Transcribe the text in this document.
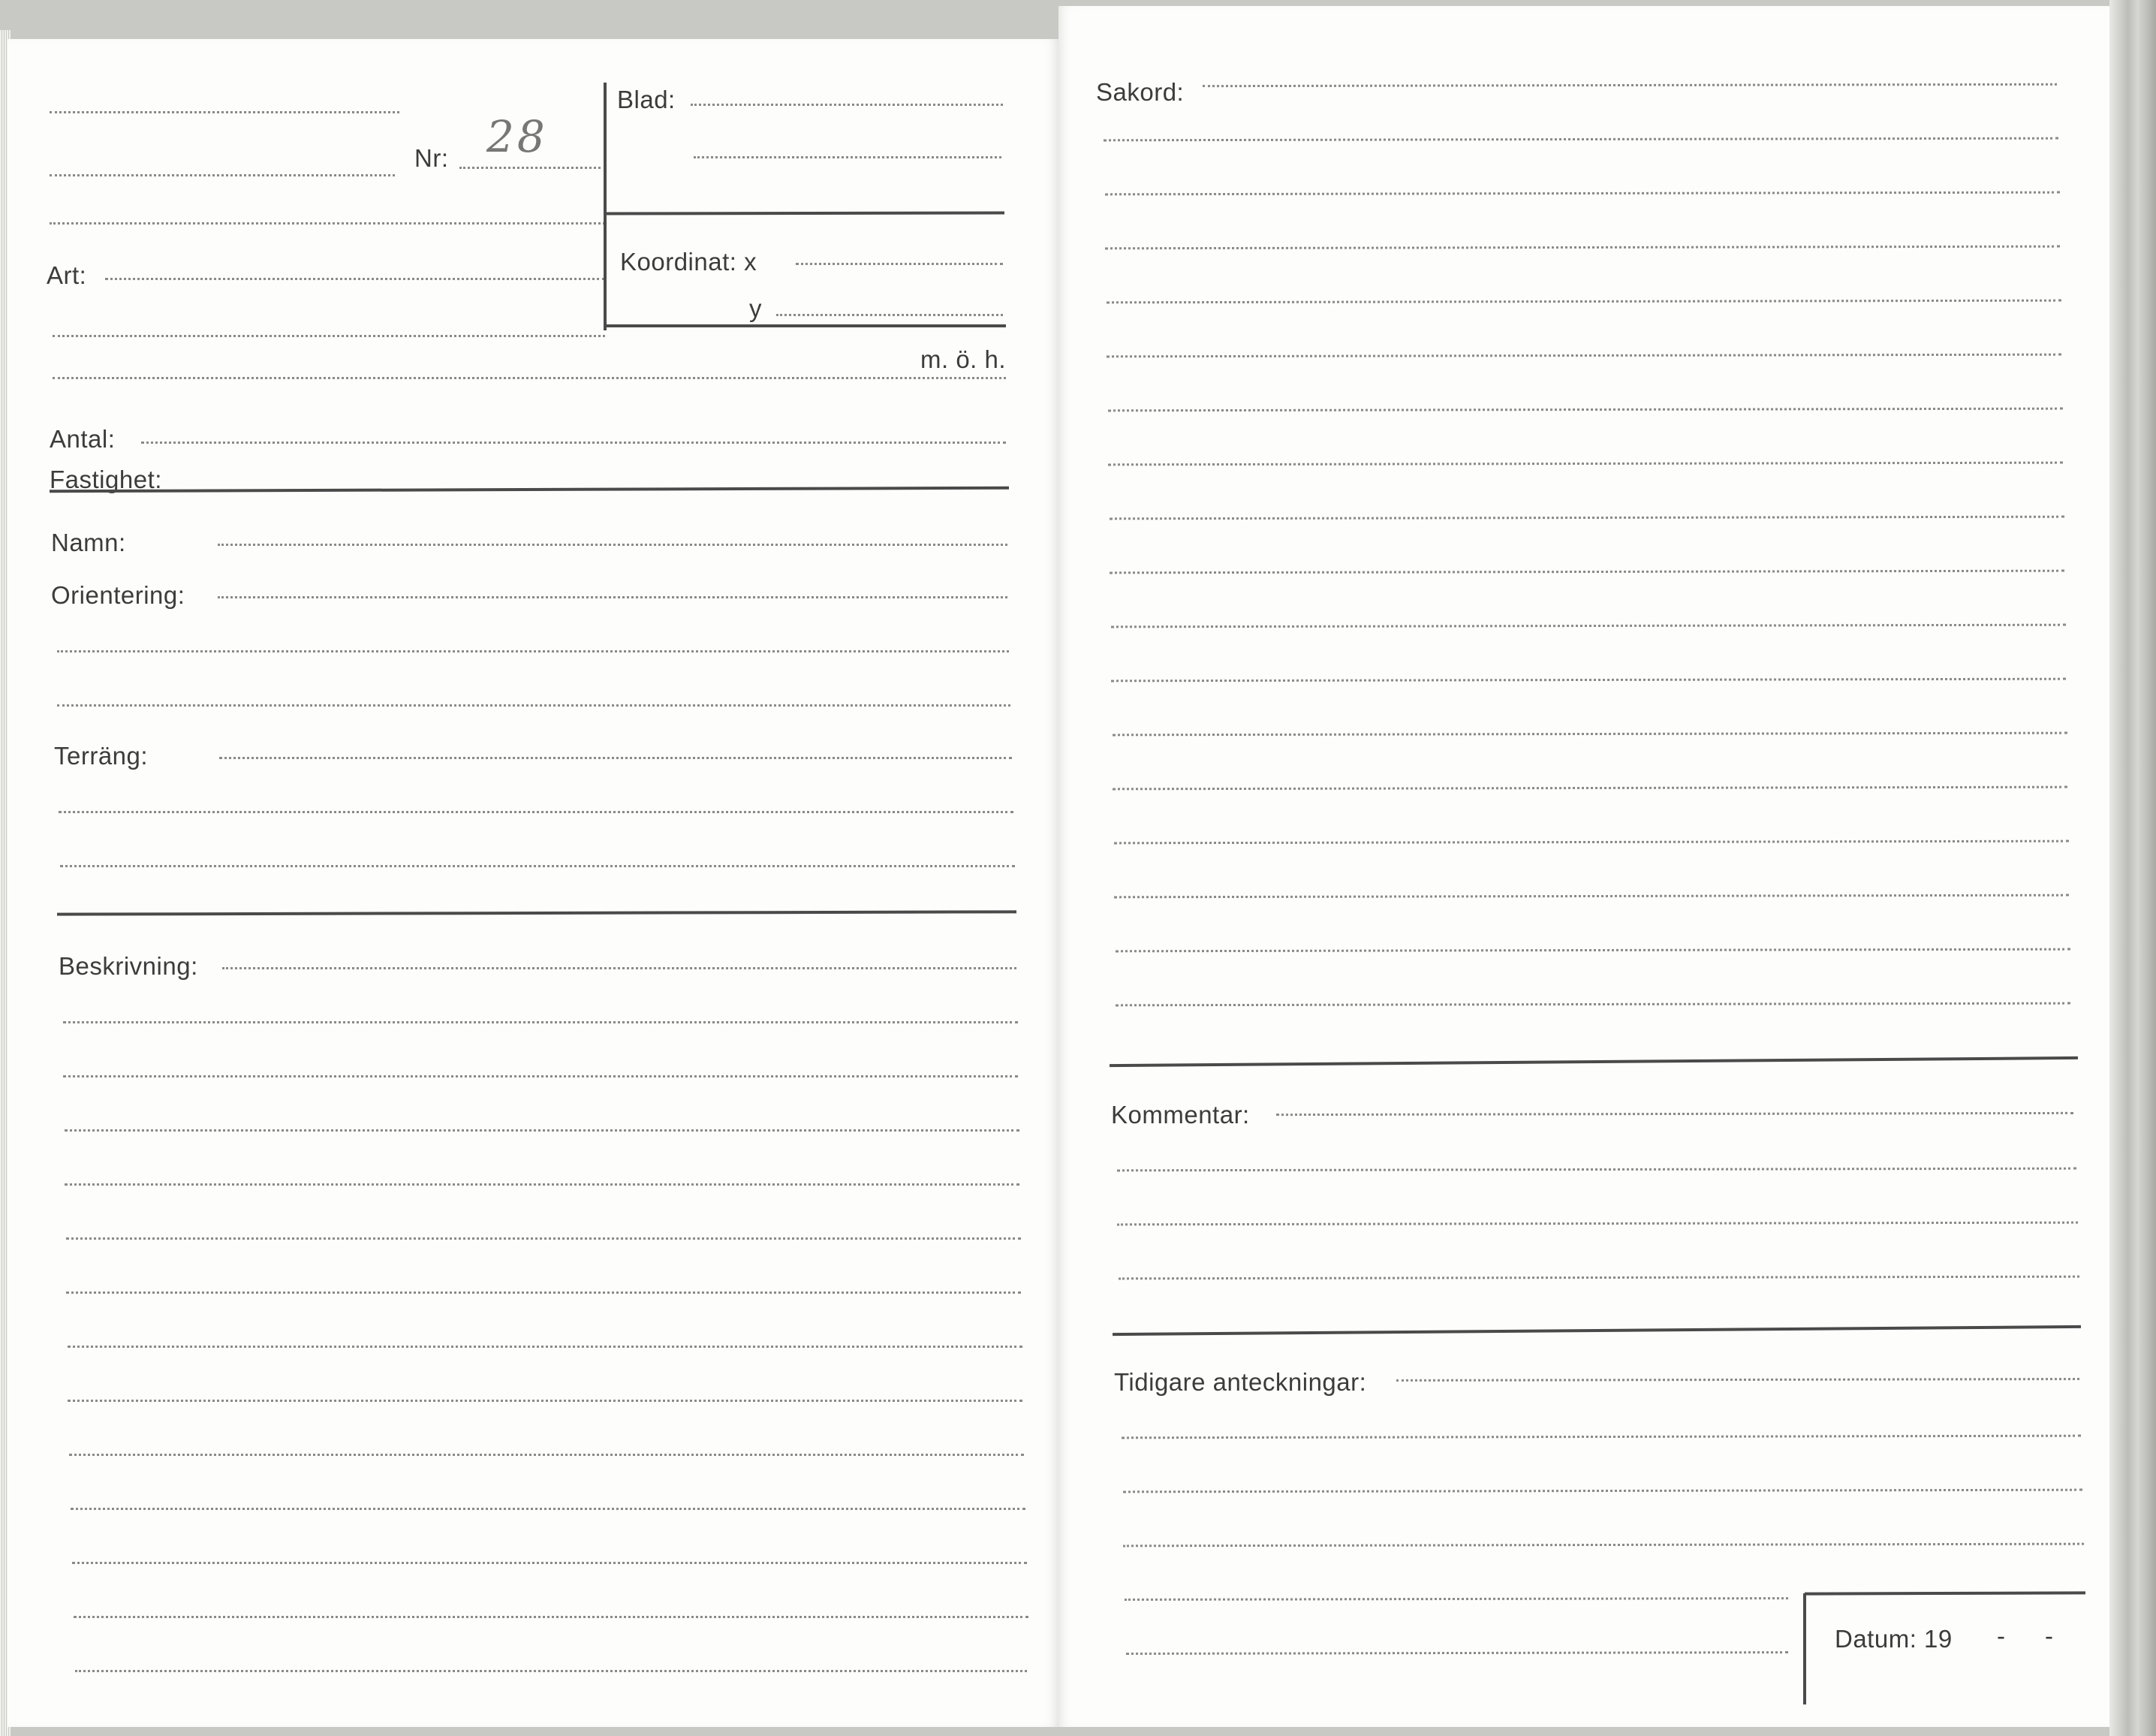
Nr: 28
Art:
Blad:
Koordinat: x
y
m. ö. h.
Antal:
Fastighet:
Namn:
Orientering:
Terräng:
Beskrivning:
Sakord:
Kommentar:
Tidigare anteckningar:
Datum: 19 - -
